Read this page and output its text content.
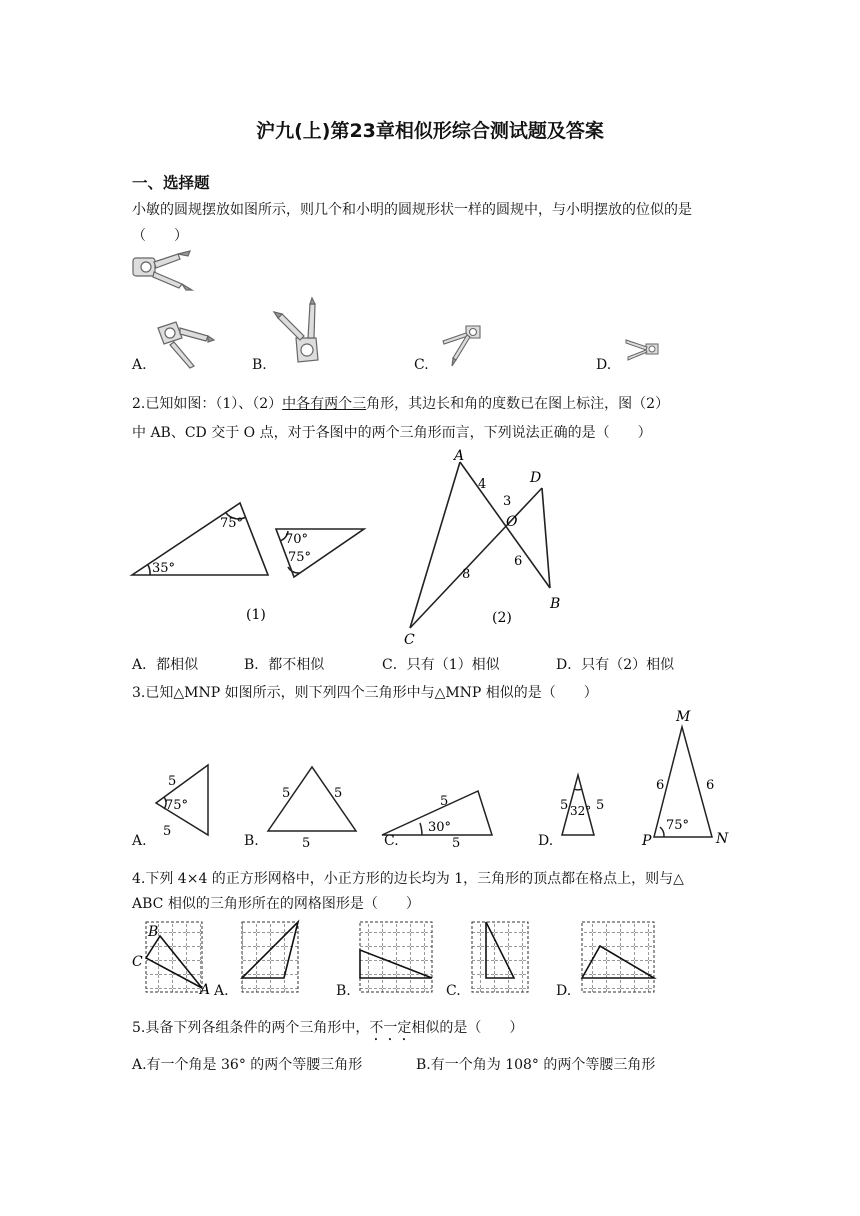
沪九(上)第23章相似形综合测试题及答案
一、选择题
小敏的圆规摆放如图所示，则几个和小明的圆规形状一样的圆规中，与小明摆放的位似的是
（　　）
A.	B.	C.	D.
2.已知如图：（1）、（2）中各有两个三角形，其边长和角的度数已在图上标注，图（2）
中 AB、CD 交于 O 点，对于各图中的两个三角形而言，下列说法正确的是（　　）
75°
35°
70°
75°
(1)
A
B
C
D
O
4
3
6
8
(2)
A．都相似	B．都不相似	C．只有（1）相似	D．只有（2）相似
3.已知△MNP 如图所示，则下列四个三角形中与△MNP 相似的是（　　）
5
5
75°
5	5
5
5
5
30°
5 5
32°
6	6
75°
M
N
P
A.	B.	C.	D.
4.下列 4×4 的正方形网格中，小正方形的边长均为 1，三角形的顶点都在格点上，则与△
ABC 相似的三角形所在的网格图形是（　　）
B
C
A A.	B.	C.	D.
5.具备下列各组条件的两个三角形中，不一定相似的是（　　）
A.有一个角是 36° 的两个等腰三角形	B.有一个角为 108° 的两个等腰三角形
